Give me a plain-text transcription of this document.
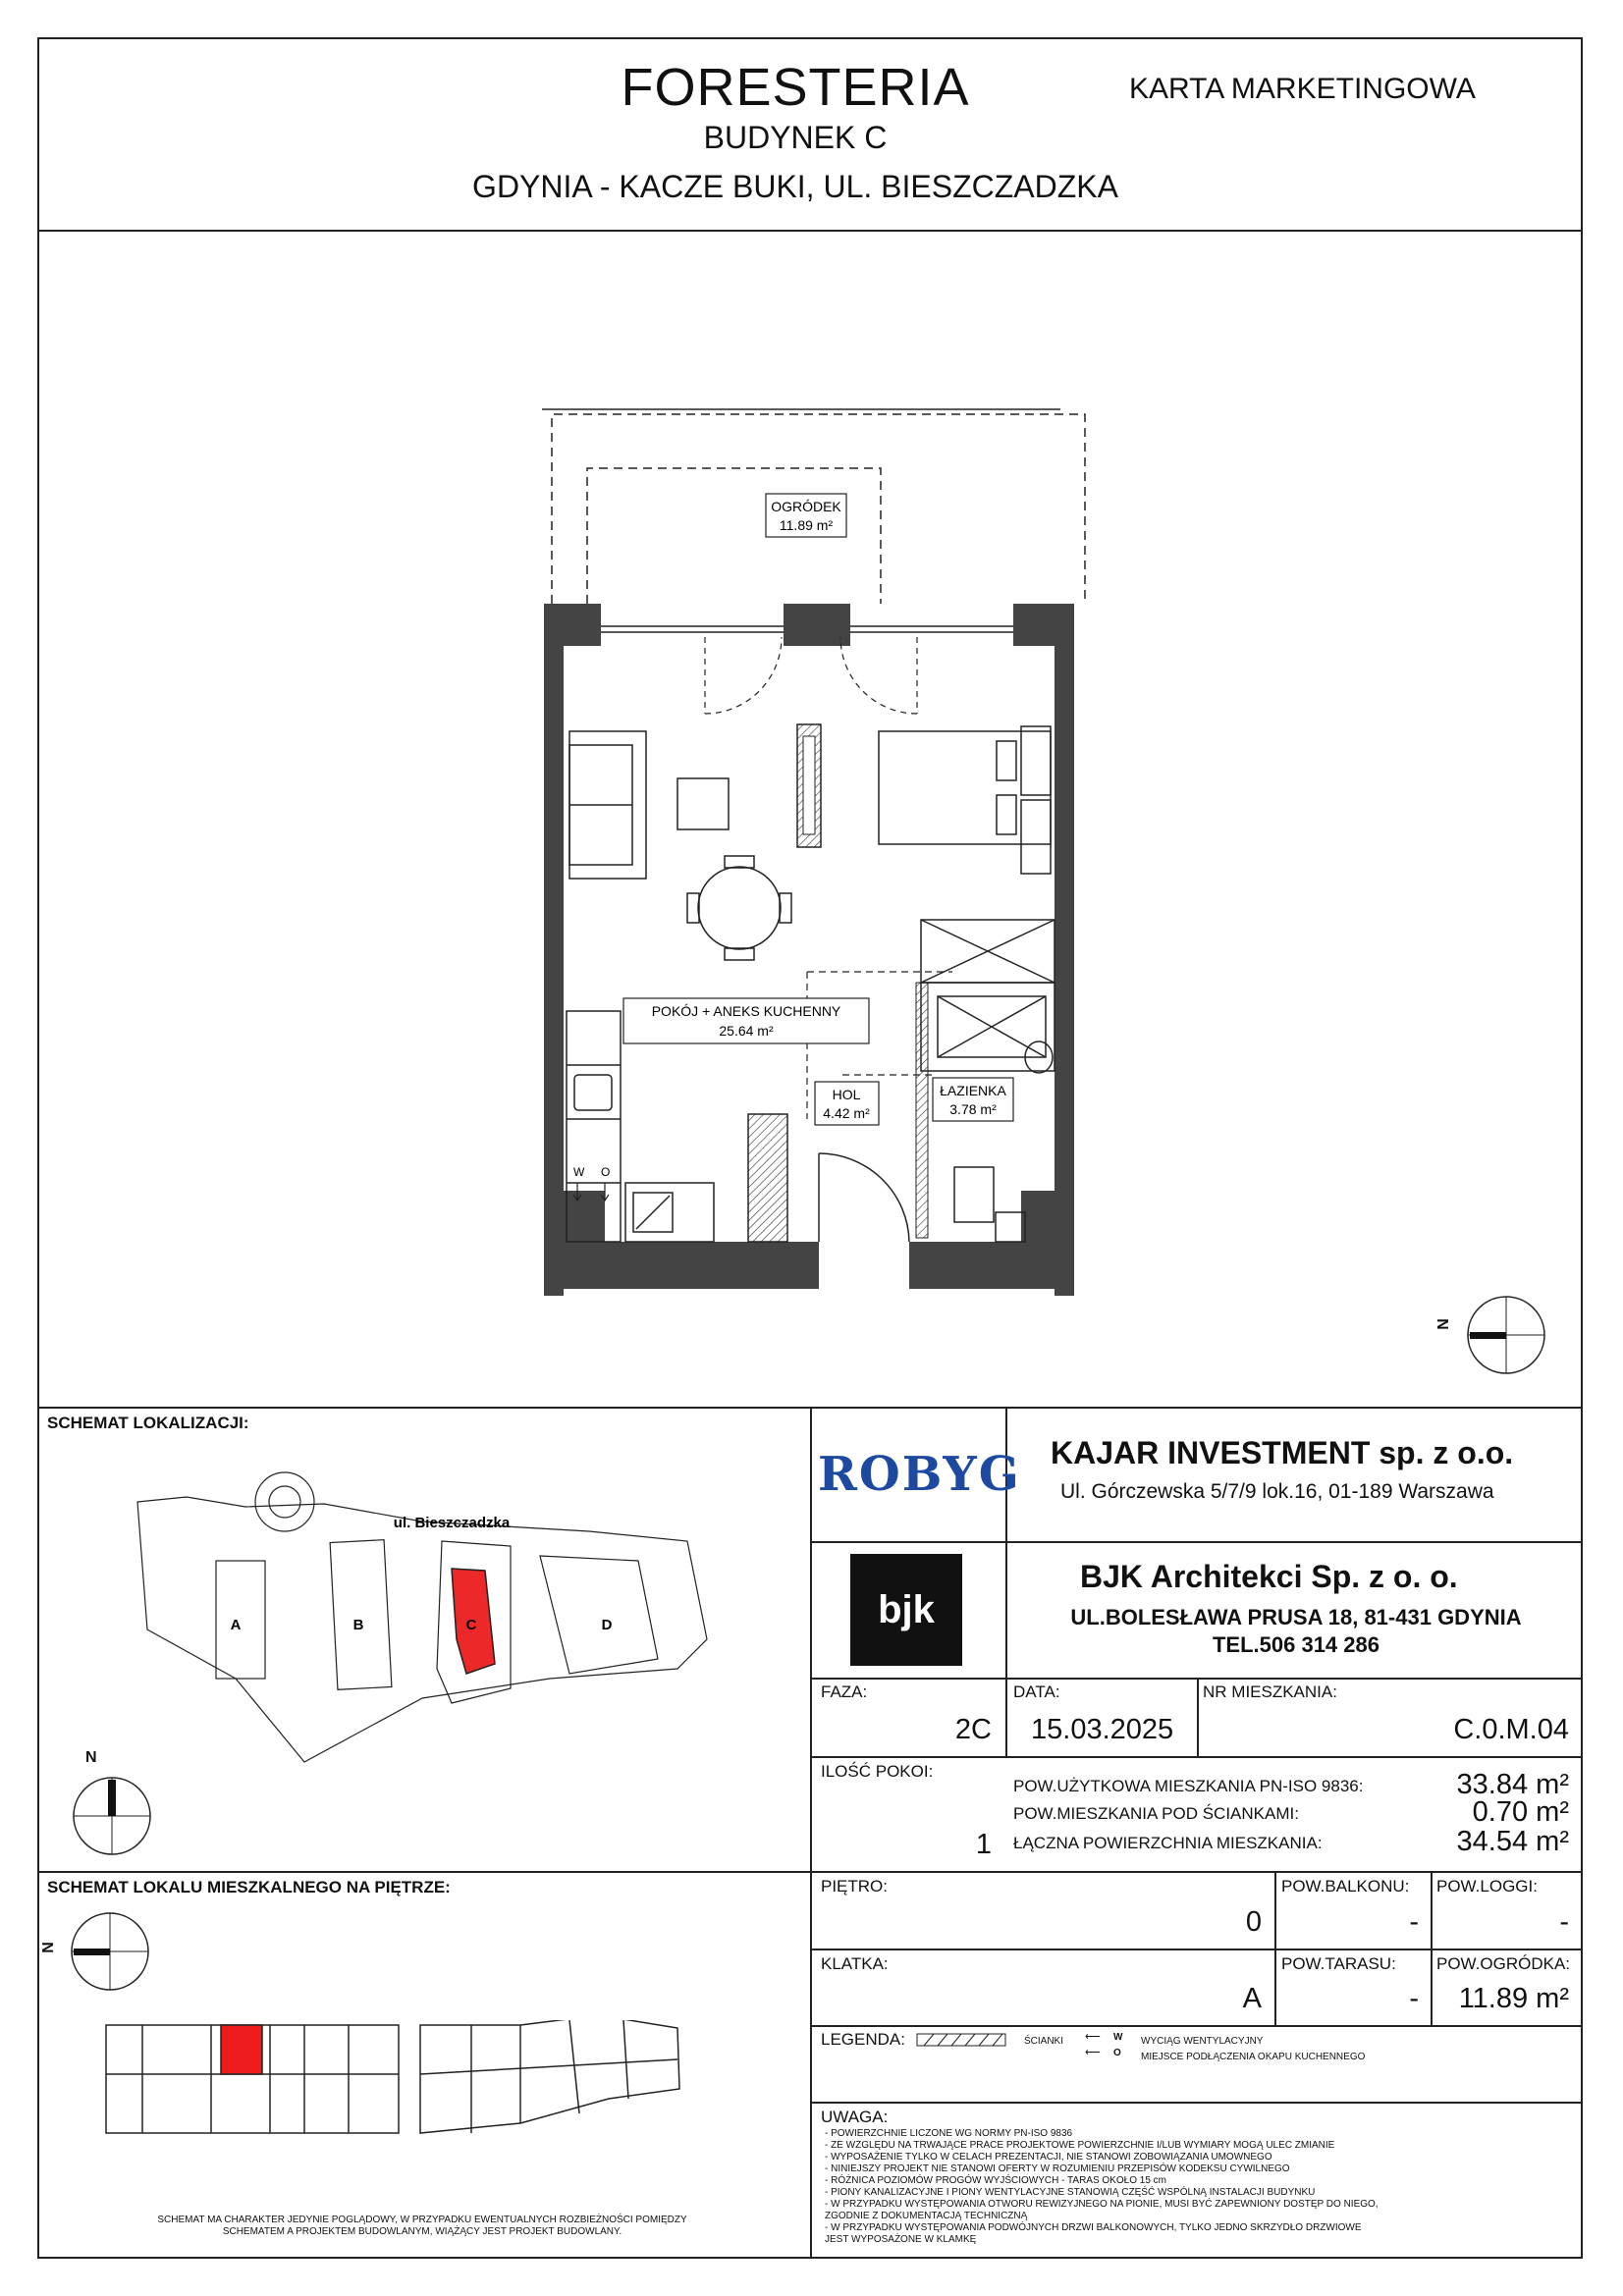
FORESTERIA
BUDYNEK C
GDYNIA - KACZE BUKI, UL. BIESZCZADZKA
KARTA MARKETINGOWA
OGRÓDEK
11.89 m²
POKÓJ + ANEKS KUCHENNY
25.64 m²
ŁAZIENKA
3.78 m²
HOL
4.42 m²
W O
N
SCHEMAT LOKALIZACJI:
A	B	C	D
ul. Bieszczadzka
N
SCHEMAT LOKALU MIESZKALNEGO NA PIĘTRZE:
N
SCHEMAT MA CHARAKTER JEDYNIE POGLĄDOWY, W PRZYPADKU EWENTUALNYCH ROZBIEŻNOŚCI POMIĘDZY
SCHEMATEM A PROJEKTEM BUDOWLANYM, WIĄŻĄCY JEST PROJEKT BUDOWLANY.
ROBYG KAJAR INVESTMENT sp. z o.o.
Ul. Górczewska 5/7/9 lok.16, 01-189 Warszawa
bjk
BJK Architekci Sp. z o. o.
UL.BOLESŁAWA PRUSA 18, 81-431 GDYNIA
TEL.506 314 286
FAZA:
2C
DATA:
15.03.2025
NR MIESZKANIA:
C.0.M.04
ILOŚĆ POKOI:
1
POW.UŻYTKOWA MIESZKANIA PN-ISO 9836:	33.84 m²
POW.MIESZKANIA POD ŚCIANKAMI:	0.70 m²
ŁĄCZNA POWIERZCHNIA MIESZKANIA:	34.54 m²
PIĘTRO:
0
POW.BALKONU:
-
POW.LOGGI:
-
KLATKA:
A
POW.TARASU:
-
POW.OGRÓDKA:
11.89 m²
LEGENDA:	ŚCIANKI ⟵ W WYCIĄG WENTYLACYJNY
⟵ O MIEJSCE PODŁĄCZENIA OKAPU KUCHENNEGO
UWAGA:
- POWIERZCHNIE LICZONE WG NORMY PN-ISO 9836
- ZE WZGLĘDU NA TRWAJĄCE PRACE PROJEKTOWE POWIERZCHNIE I/LUB WYMIARY MOGĄ ULEC ZMIANIE
- WYPOSAŻENIE TYLKO W CELACH PREZENTACJI, NIE STANOWI ZOBOWIĄZANIA UMOWNEGO
- NINIEJSZY PROJEKT NIE STANOWI OFERTY W ROZUMIENIU PRZEPISÓW KODEKSU CYWILNEGO
- RÓŻNICA POZIOMÓW PROGÓW WYJŚCIOWYCH - TARAS OKOŁO 15 cm
- PIONY KANALIZACYJNE I PIONY WENTYLACYJNE STANOWIĄ CZĘŚĆ WSPÓLNĄ INSTALACJI BUDYNKU
- W PRZYPADKU WYSTĘPOWANIA OTWORU REWIZYJNEGO NA PIONIE, MUSI BYĆ ZAPEWNIONY DOSTĘP DO NIEGO,
ZGODNIE Z DOKUMENTACJĄ TECHNICZNĄ
- W PRZYPADKU WYSTĘPOWANIA PODWÓJNYCH DRZWI BALKONOWYCH, TYLKO JEDNO SKRZYDŁO DRZWIOWE
JEST WYPOSAŻONE W KLAMKĘ
